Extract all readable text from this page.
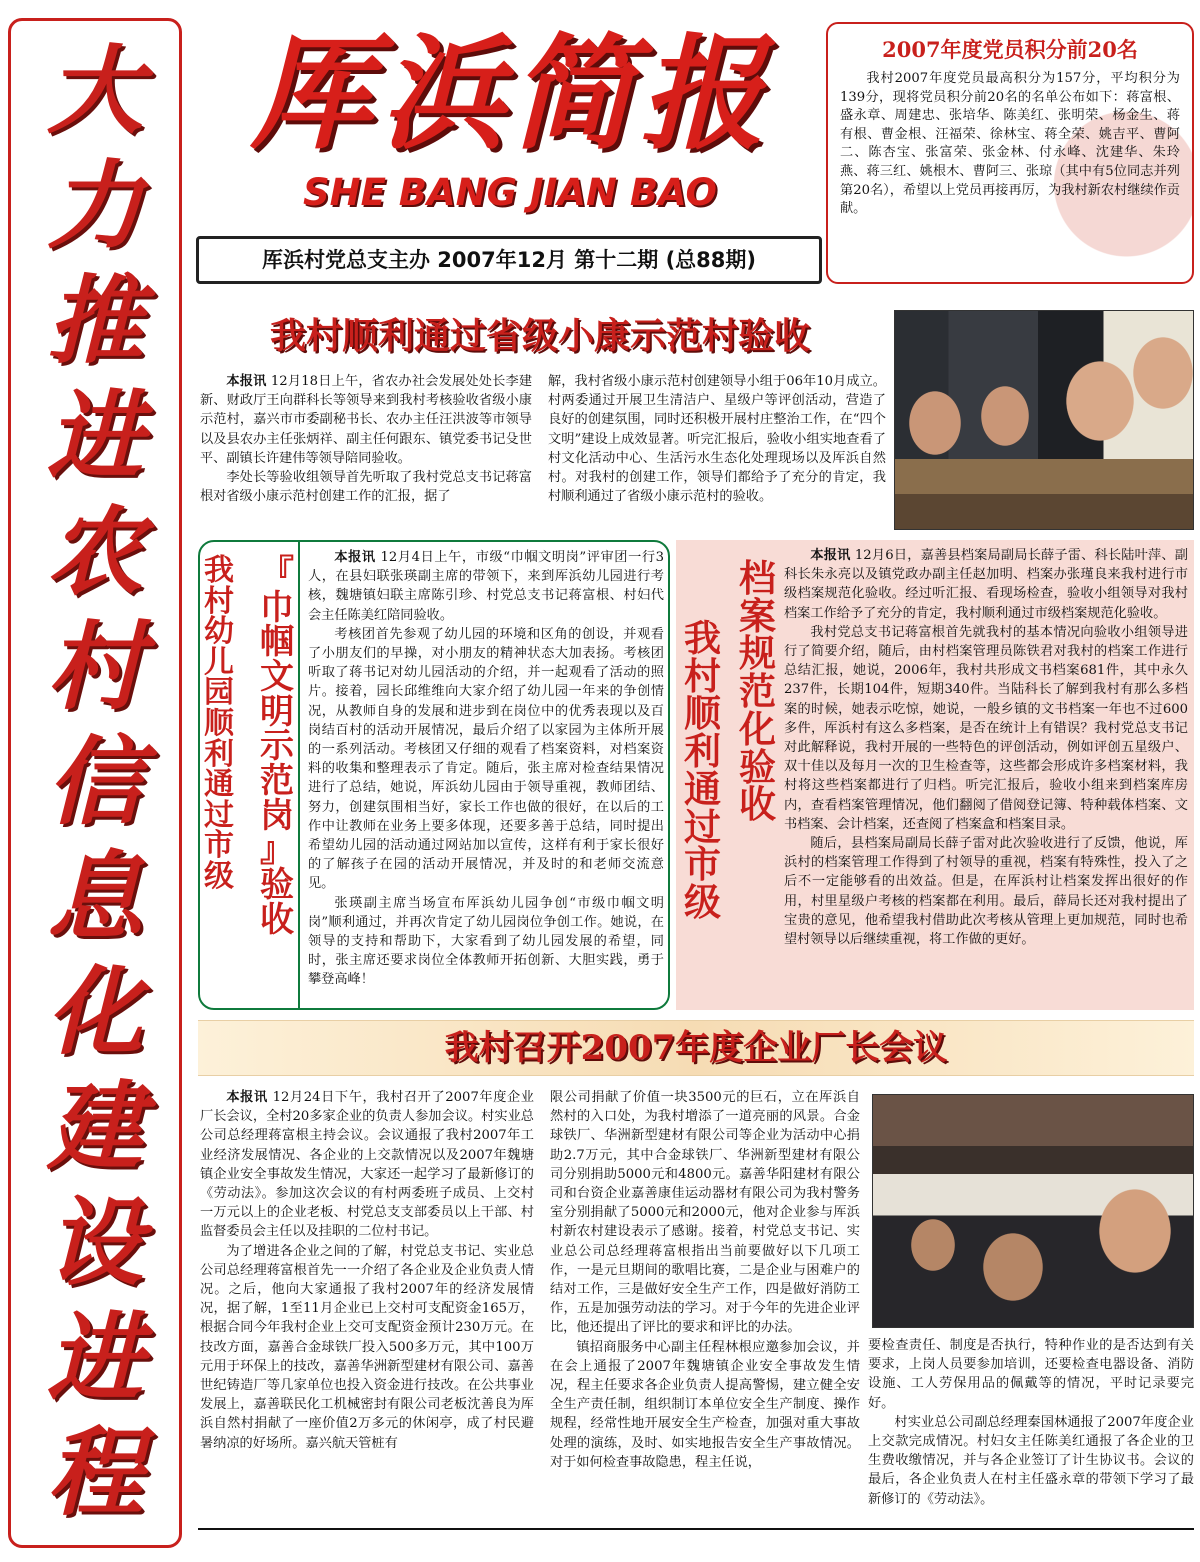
大
力
推
进
农
村
信
息
化
建
设
进
程
厍浜简报
SHE BANG JIAN BAO
厍浜村党总支主办 2007年12月 第十二期 (总88期)
2007年度党员积分前20名

我村2007年度党员最高积分为157分，平均积分为139分，现将党员积分前20名的名单公布如下：蒋富根、盛永章、周建忠、张培华、陈美红、张明荣、杨金生、蒋有根、曹金根、汪福荣、徐林宝、蒋全荣、姚吉平、曹阿二、陈杏宝、张富荣、张金林、付永峰、沈建华、朱玲燕、蒋三红、姚根木、曹阿三、张琼（其中有5位同志并列第20名），希望以上党员再接再厉，为我村新农村继续作贡献。

我村顺利通过省级小康示范村验收

本报讯 12月18日上午，省农办社会发展处处长李建新、财政厅王向群科长等领导来到我村考核验收省级小康示范村，嘉兴市市委副秘书长、农办主任汪洪波等市领导以及县农办主任张炳祥、副主任何跟东、镇党委书记殳世平、副镇长许建伟等领导陪同验收。

李处长等验收组领导首先听取了我村党总支书记蒋富根对省级小康示范村创建工作的汇报，据了

解，我村省级小康示范村创建领导小组于06年10月成立。村两委通过开展卫生清洁户、星级户等评创活动，营造了良好的创建氛围，同时还积极开展村庄整治工作，在“四个文明”建设上成效显著。听完汇报后，验收小组实地查看了村文化活动中心、生活污水生态化处理现场以及厍浜自然村。对我村的创建工作，领导们都给予了充分的肯定，我村顺利通过了省级小康示范村的验收。

『
巾
帼
文
明
示
范
岗
』
验
收
我
村
幼
儿
园
顺
利
通
过
市
级

本报讯 12月4日上午，市级“巾帼文明岗”评审团一行3人，在县妇联张瑛副主席的带领下，来到厍浜幼儿园进行考核，魏塘镇妇联主席陈引珍、村党总支书记蒋富根、村妇代会主任陈美红陪同验收。

考核团首先参观了幼儿园的环境和区角的创设，并观看了小朋友们的早操，对小朋友的精神状态大加表扬。考核团听取了蒋书记对幼儿园活动的介绍，并一起观看了活动的照片。接着，园长邱维维向大家介绍了幼儿园一年来的争创情况，从教师自身的发展和进步到在岗位中的优秀表现以及百岗结百村的活动开展情况，最后介绍了以家园为主体所开展的一系列活动。考核团又仔细的观看了档案资料，对档案资料的收集和整理表示了肯定。随后，张主席对检查结果情况进行了总结，她说，厍浜幼儿园由于领导重视，教师团结、努力，创建氛围相当好，家长工作也做的很好，在以后的工作中让教师在业务上要多体现，还要多善于总结，同时提出希望幼儿园的活动通过网站加以宣传，这样有利于家长很好的了解孩子在园的活动开展情况，并及时的和老师交流意见。

张瑛副主席当场宣布厍浜幼儿园争创“市级巾帼文明岗”顺利通过，并再次肯定了幼儿园岗位争创工作。她说，在领导的支持和帮助下，大家看到了幼儿园发展的希望，同时，张主席还要求岗位全体教师开拓创新、大胆实践，勇于攀登高峰！

档
案
规
范
化
验
收
我
村
顺
利
通
过
市
级

本报讯 12月6日，嘉善县档案局副局长薛子雷、科长陆叶萍、副科长朱永亮以及镇党政办副主任赵加明、档案办张瑾良来我村进行市级档案规范化验收。经过听汇报、看现场检查，验收小组领导对我村档案工作给予了充分的肯定，我村顺利通过市级档案规范化验收。

我村党总支书记蒋富根首先就我村的基本情况向验收小组领导进行了简要介绍，随后，由村档案管理员陈铁君对我村的档案工作进行总结汇报，她说，2006年，我村共形成文书档案681件，其中永久237件，长期104件，短期340件。当陆科长了解到我村有那么多档案的时候，她表示吃惊，她说，一般乡镇的文书档案一年也不过600多件，厍浜村有这么多档案，是否在统计上有错误？我村党总支书记对此解释说，我村开展的一些特色的评创活动，例如评创五星级户、双十佳以及每月一次的卫生检查等，这些都会形成许多档案材料，我村将这些档案都进行了归档。听完汇报后，验收小组来到档案库房内，查看档案管理情况，他们翻阅了借阅登记簿、特种载体档案、文书档案、会计档案，还查阅了档案盒和档案目录。

随后，县档案局副局长薛子雷对此次验收进行了反馈，他说，厍浜村的档案管理工作得到了村领导的重视，档案有特殊性，投入了之后不一定能够看的出效益。但是，在厍浜村让档案发挥出很好的作用，村里星级户考核的档案都在利用。最后，薛局长还对我村提出了宝贵的意见，他希望我村借助此次考核从管理上更加规范，同时也希望村领导以后继续重视，将工作做的更好。

我村召开2007年度企业厂长会议

本报讯 12月24日下午，我村召开了2007年度企业厂长会议，全村20多家企业的负责人参加会议。村实业总公司总经理蒋富根主持会议。会议通报了我村2007年工业经济发展情况、各企业的上交款情况以及2007年魏塘镇企业安全事故发生情况，大家还一起学习了最新修订的《劳动法》。参加这次会议的有村两委班子成员、上交村一万元以上的企业老板、村党总支支部委员以上干部、村监督委员会主任以及挂职的二位村书记。

为了增进各企业之间的了解，村党总支书记、实业总公司总经理蒋富根首先一一介绍了各企业及企业负责人情况。之后，他向大家通报了我村2007年的经济发展情况，据了解，1至11月企业已上交村可支配资金165万，根据合同今年我村企业上交可支配资金预计230万元。在技改方面，嘉善合金球铁厂投入500多万元，其中100万元用于环保上的技改，嘉善华洲新型建材有限公司、嘉善世纪铸造厂等几家单位也投入资金进行技改。在公共事业发展上，嘉善联民化工机械密封有限公司老板沈善良为厍浜自然村捐献了一座价值2万多元的休闲亭，成了村民避暑纳凉的好场所。嘉兴航天管桩有

限公司捐献了价值一块3500元的巨石，立在厍浜自然村的入口处，为我村增添了一道亮丽的风景。合金球铁厂、华洲新型建材有限公司等企业为活动中心捐助2.7万元，其中合金球铁厂、华洲新型建材有限公司分别捐助5000元和4800元。嘉善华阳建材有限公司和台资企业嘉善康佳运动器材有限公司为我村警务室分别捐献了5000元和2000元，他对企业参与厍浜村新农村建设表示了感谢。接着，村党总支书记、实业总公司总经理蒋富根指出当前要做好以下几项工作，一是元旦期间的歌唱比赛，二是企业与困难户的结对工作，三是做好安全生产工作，四是做好消防工作，五是加强劳动法的学习。对于今年的先进企业评比，他还提出了评比的要求和评比的办法。

镇招商服务中心副主任程林根应邀参加会议，并在会上通报了2007年魏塘镇企业安全事故发生情况，程主任要求各企业负责人提高警惕，建立健全安全生产责任制，组织制订本单位安全生产制度、操作规程，经常性地开展安全生产检查，加强对重大事故处理的演练，及时、如实地报告安全生产事故情况。对于如何检查事故隐患，程主任说，

要检查责任、制度是否执行，特种作业的是否达到有关要求，上岗人员要参加培训，还要检查电器设备、消防设施、工人劳保用品的佩戴等的情况，平时记录要完好。

村实业总公司副总经理秦国林通报了2007年度企业上交款完成情况。村妇女主任陈美红通报了各企业的卫生费收缴情况，并与各企业签订了计生协议书。会议的最后，各企业负责人在村主任盛永章的带领下学习了最新修订的《劳动法》。
